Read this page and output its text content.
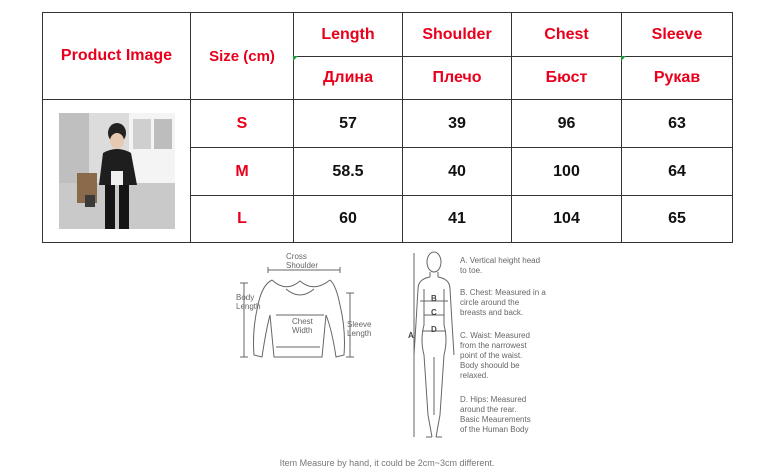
Product Image	Size (cm)	Length	Shoulder	Chest	Sleeve
		Длина	Плечо	Бюст	Рукав

	S	57	39	96	63
	M	58.5	40	100	64
	L	60	41	104	65
Cross
Shoulder
Body
Length
Chest
Width
Sleeve
Length	A
B
C
D
A. Vertical height head
to toe.
B. Chest: Measured in a
circle around the
breasts and back.
C. Waist: Measured
from the narrowest
point of the waist.
Body shoould be
relaxed.
D. Hips: Measured
around the rear.
Basic Meaurements
of the Human Body
Item Measure by hand, it could be 2cm~3cm different.
